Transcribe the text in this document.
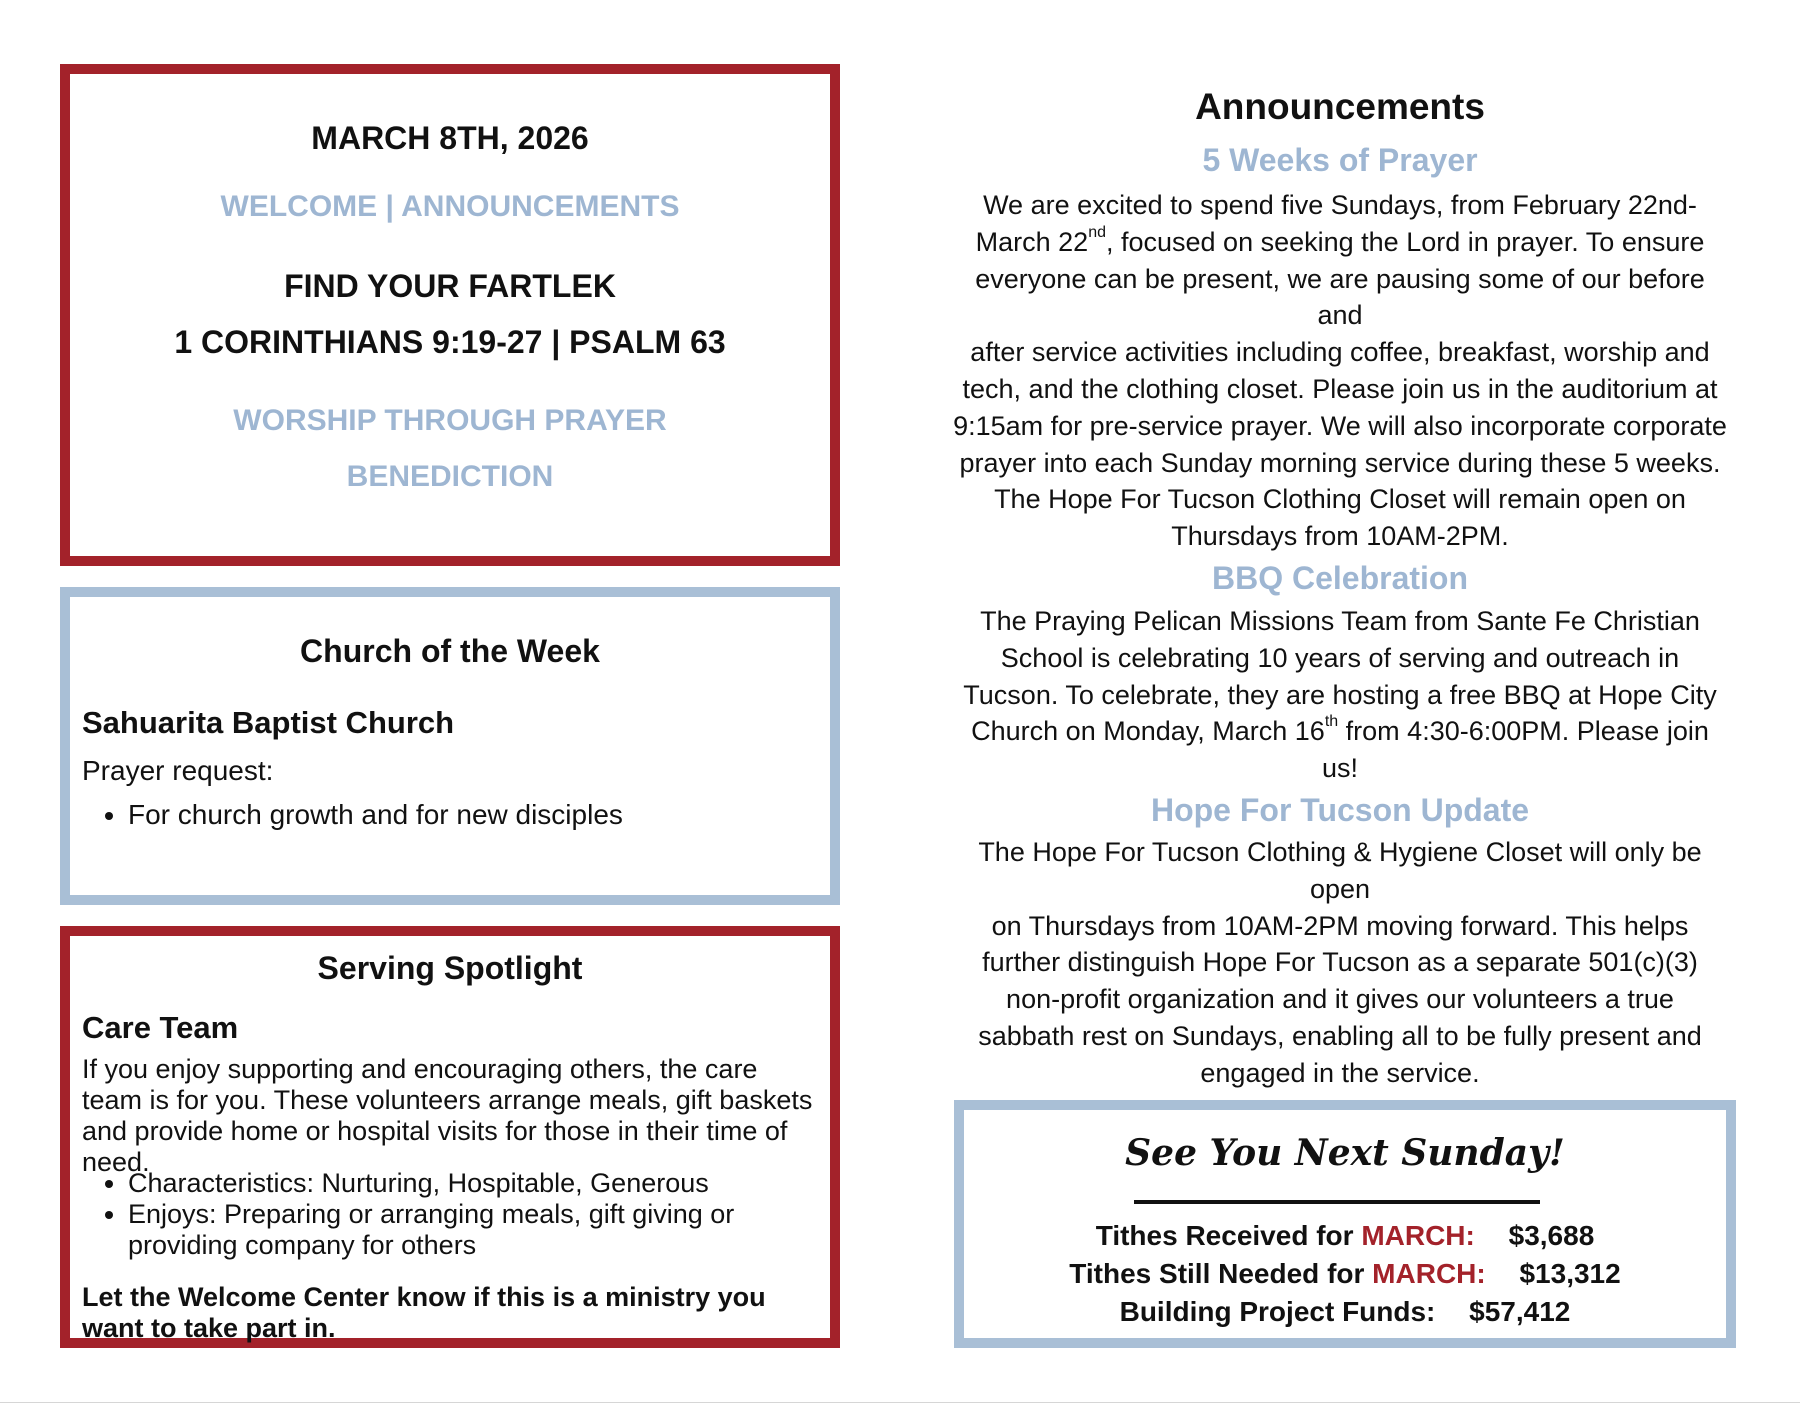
MARCH 8TH, 2026
WELCOME | ANNOUNCEMENTS
FIND YOUR FARTLEK
1 CORINTHIANS 9:19-27 | PSALM 63
WORSHIP THROUGH PRAYER
BENEDICTION
Church of the Week
Sahuarita Baptist Church
Prayer request:
• For church growth and for new disciples
Serving Spotlight
Care Team
If you enjoy supporting and encouraging others, the care team is for you. These volunteers arrange meals, gift baskets and provide home or hospital visits for those in their time of need.
• Characteristics: Nurturing, Hospitable, Generous
• Enjoys: Preparing or arranging meals, gift giving or providing company for others
Let the Welcome Center know if this is a ministry you want to take part in.
Announcements
5 Weeks of Prayer
We are excited to spend five Sundays, from February 22nd-
March 22nd, focused on seeking the Lord in prayer. To ensure
everyone can be present, we are pausing some of our before and
after service activities including coffee, breakfast, worship and
tech, and the clothing closet. Please join us in the auditorium at
9:15am for pre-service prayer. We will also incorporate corporate
prayer into each Sunday morning service during these 5 weeks.
The Hope For Tucson Clothing Closet will remain open on
Thursdays from 10AM-2PM.
BBQ Celebration
The Praying Pelican Missions Team from Sante Fe Christian
School is celebrating 10 years of serving and outreach in
Tucson. To celebrate, they are hosting a free BBQ at Hope City
Church on Monday, March 16th from 4:30-6:00PM. Please join us!
Hope For Tucson Update
The Hope For Tucson Clothing & Hygiene Closet will only be open
on Thursdays from 10AM-2PM moving forward. This helps
further distinguish Hope For Tucson as a separate 501(c)(3)
non-profit organization and it gives our volunteers a true
sabbath rest on Sundays, enabling all to be fully present and
engaged in the service.
See You Next Sunday!
Tithes Received for MARCH: $3,688
Tithes Still Needed for MARCH: $13,312
Building Project Funds: $57,412
